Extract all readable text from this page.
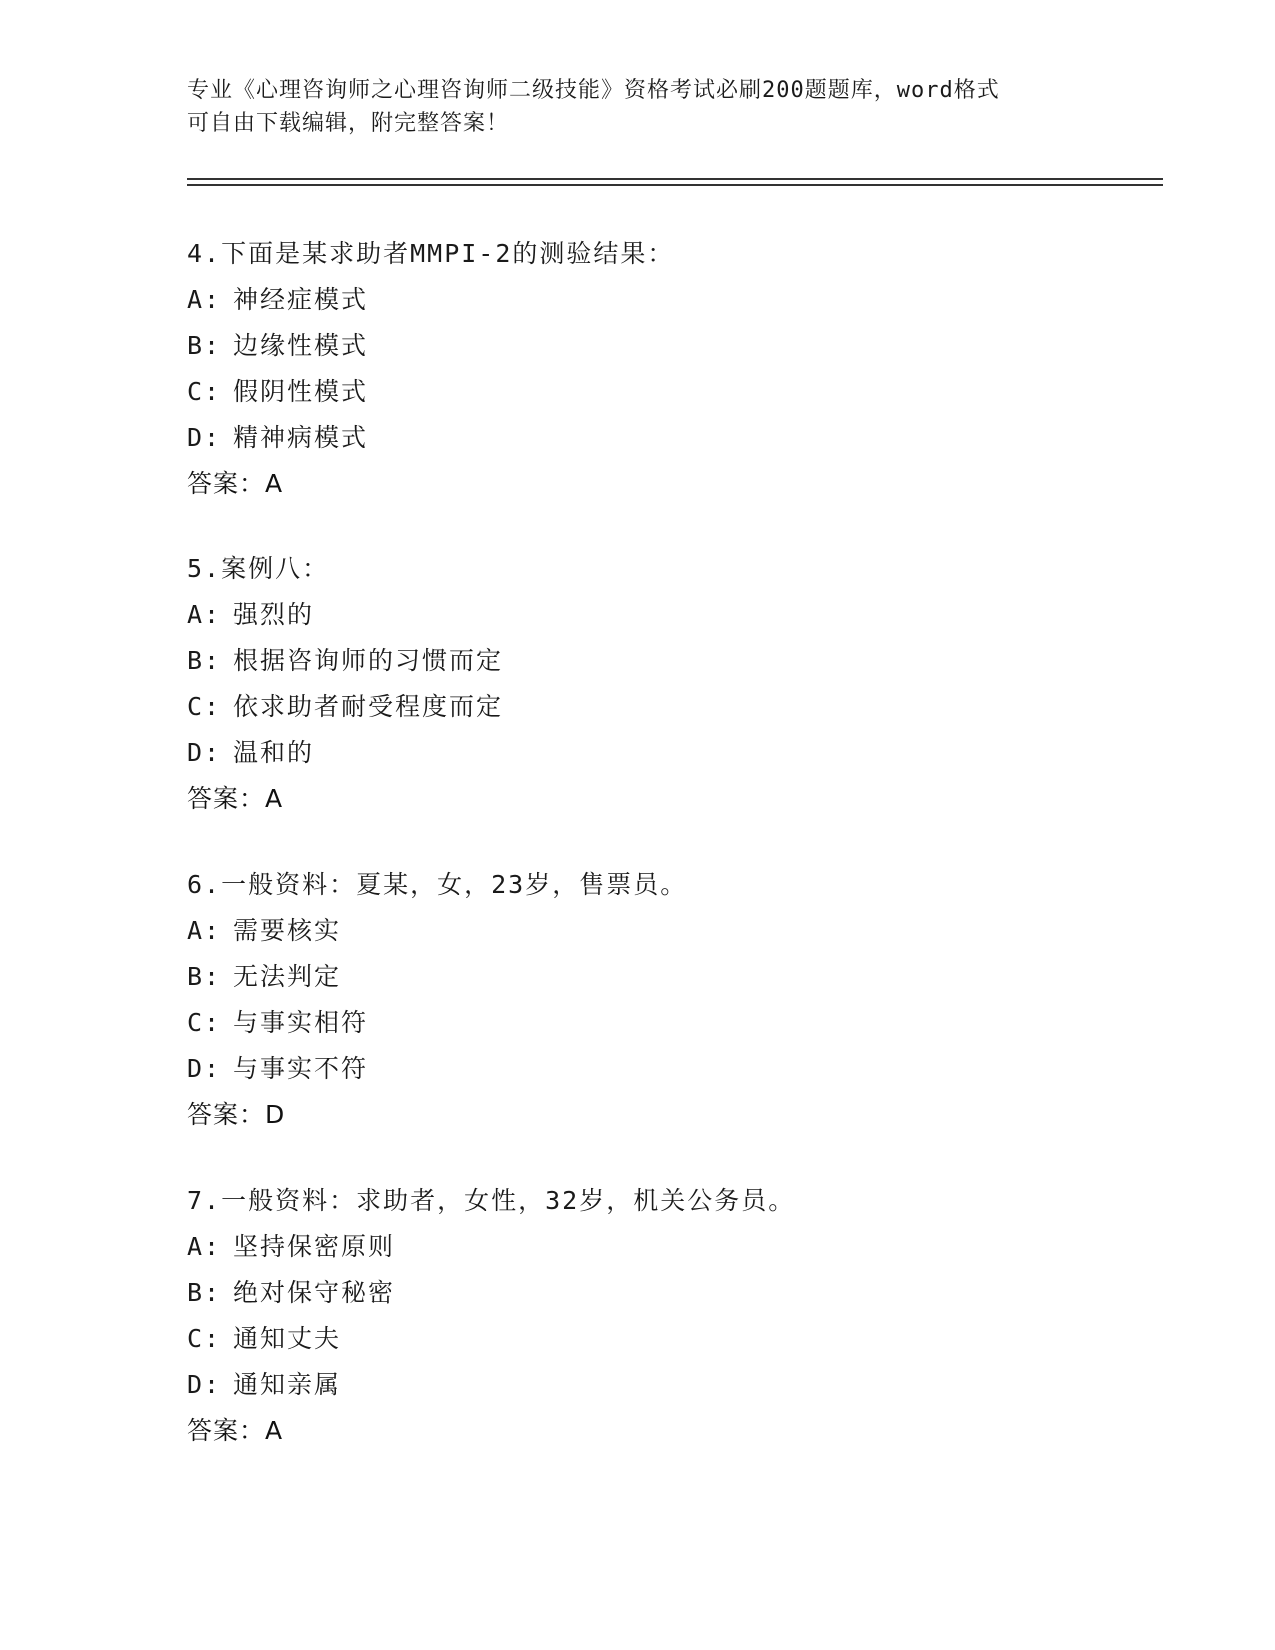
专业《心理咨询师之心理咨询师二级技能》资格考试必刷200题题库，word格式
可自由下载编辑，附完整答案！
4.下面是某求助者MMPI-2的测验结果：
A: 神经症模式
B: 边缘性模式
C: 假阴性模式
D: 精神病模式
答案：A
5.案例八：
A: 强烈的
B: 根据咨询师的习惯而定
C: 依求助者耐受程度而定
D: 温和的
答案：A
6.一般资料：夏某，女，23岁，售票员。
A: 需要核实
B: 无法判定
C: 与事实相符
D: 与事实不符
答案：D
7.一般资料：求助者，女性，32岁，机关公务员。
A: 坚持保密原则
B: 绝对保守秘密
C: 通知丈夫
D: 通知亲属
答案：A
